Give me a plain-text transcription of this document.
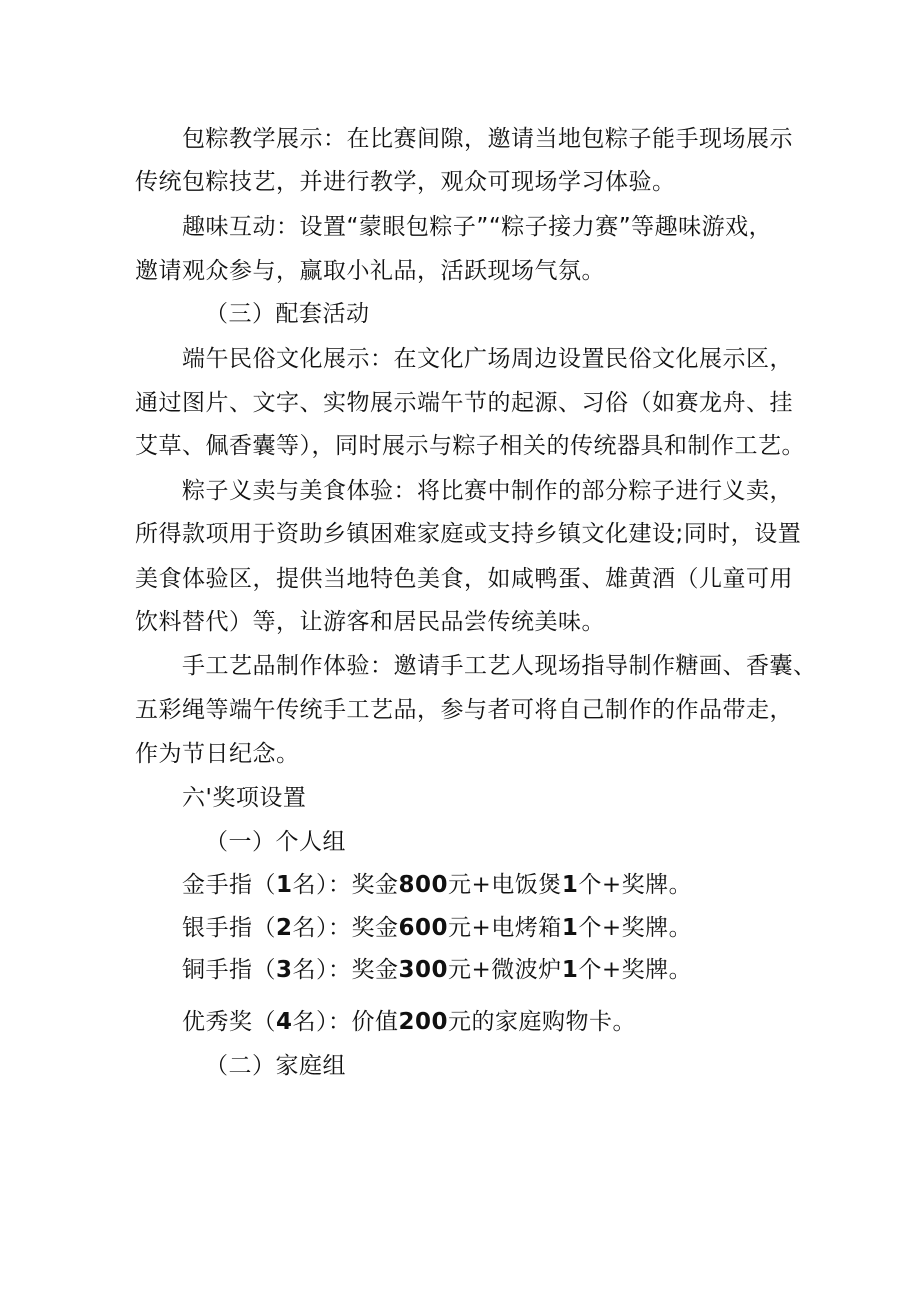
包粽教学展示：在比赛间隙，邀请当地包粽子能手现场展示
传统包粽技艺，并进行教学，观众可现场学习体验。
趣味互动：设置“蒙眼包粽子”“粽子接力赛”等趣味游戏，
邀请观众参与，赢取小礼品，活跃现场气氛。
（三）配套活动
端午民俗文化展示：在文化广场周边设置民俗文化展示区，
通过图片、文字、实物展示端午节的起源、习俗（如赛龙舟、挂
艾草、佩香囊等），同时展示与粽子相关的传统器具和制作工艺。
粽子义卖与美食体验：将比赛中制作的部分粽子进行义卖，
所得款项用于资助乡镇困难家庭或支持乡镇文化建设;同时，设置
美食体验区，提供当地特色美食，如咸鸭蛋、雄黄酒（儿童可用
饮料替代）等，让游客和居民品尝传统美味。
手工艺品制作体验：邀请手工艺人现场指导制作糖画、香囊、
五彩绳等端午传统手工艺品，参与者可将自己制作的作品带走，
作为节日纪念。
六'奖项设置
（一）个人组
金手指（1名）：奖金800元+电饭煲1个+奖牌。
银手指（2名）：奖金600元+电烤箱1个+奖牌。
铜手指（3名）：奖金300元+微波炉1个+奖牌。
优秀奖（4名）：价值200元的家庭购物卡。
（二）家庭组
